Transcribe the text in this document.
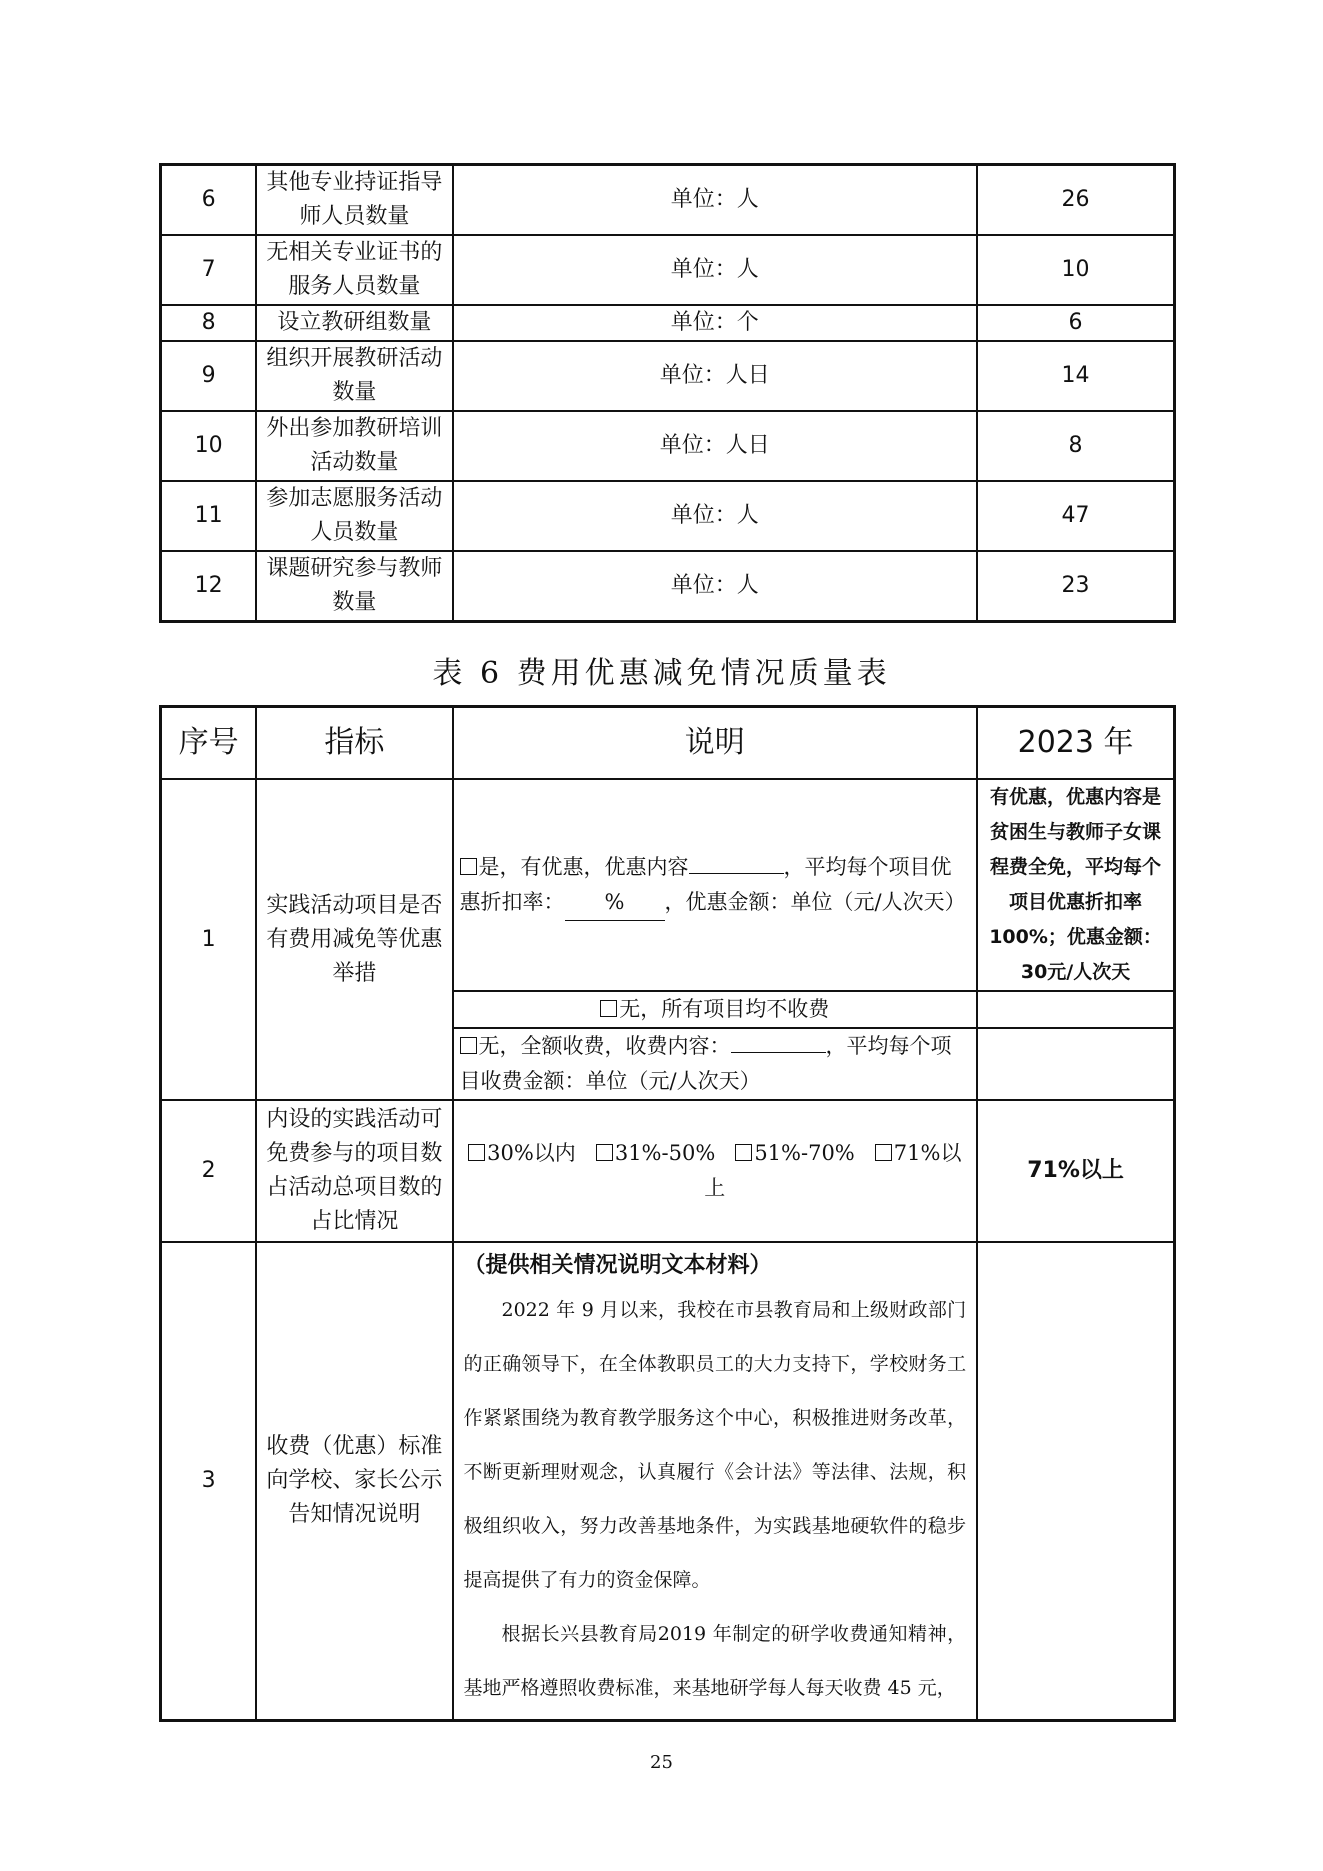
6	其他专业持证指导师人员数量	单位：人	26
7	无相关专业证书的服务人员数量	单位：人	10
8	设立教研组数量	单位：个	6
9	组织开展教研活动数量	单位：人日	14
10	外出参加教研培训活动数量	单位：人日	8
11	参加志愿服务活动人员数量	单位：人	47
12	课题研究参与教师数量	单位：人	23
表 6 费用优惠减免情况质量表
序号	指标	说明	2023 年
1	实践活动项目是否有费用减免等优惠举措	是，有优惠，优惠内容 ，平均每个项目优惠折扣率： % ，优惠金额：单位（元/人次天）	有优惠，优惠内容是贫困生与教师子女课程费全免，平均每个项目优惠折扣率100%；优惠金额：30元/人次天
		无，所有项目均不收费	
		无，全额收费，收费内容： ，平均每个项目收费金额：单位（元/人次天）	
2	内设的实践活动可免费参与的项目数占活动总项目数的占比情况	30%以内 31%-50% 51%-70% 71%以上	71%以上
3	收费（优惠）标准向学校、家长公示告知情况说明	（提供相关情况说明文本材料）

2022 年 9 月以来，我校在市县教育局和上级财政部门的正确领导下，在全体教职员工的大力支持下，学校财务工作紧紧围绕为教育教学服务这个中心，积极推进财务改革，不断更新理财观念，认真履行《会计法》等法律、法规，积极组织收入，努力改善基地条件，为实践基地硬软件的稳步提高提供了有力的资金保障。

根据长兴县教育局2019 年制定的研学收费通知精神，基地严格遵照收费标准，来基地研学每人每天收费 45 元，	

25
